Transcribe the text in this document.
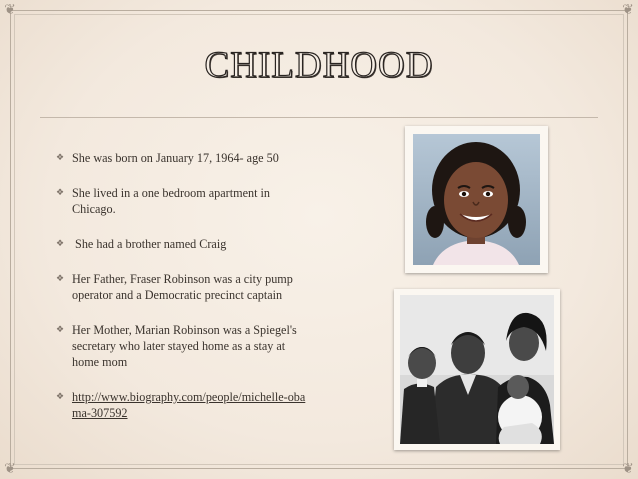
❦	❦
❦	❦
CHILDHOOD
❖ She was born on January 17, 1964- age 50
❖ She lived in a one bedroom apartment in Chicago.
❖ She had a brother named Craig
❖ Her Father, Fraser Robinson was a city pump operator and a Democratic precinct captain
❖ Her Mother, Marian Robinson was a Spiegel's secretary who later stayed home as a stay at home mom
❖ http://www.biography.com/people/michelle-obama-307592
